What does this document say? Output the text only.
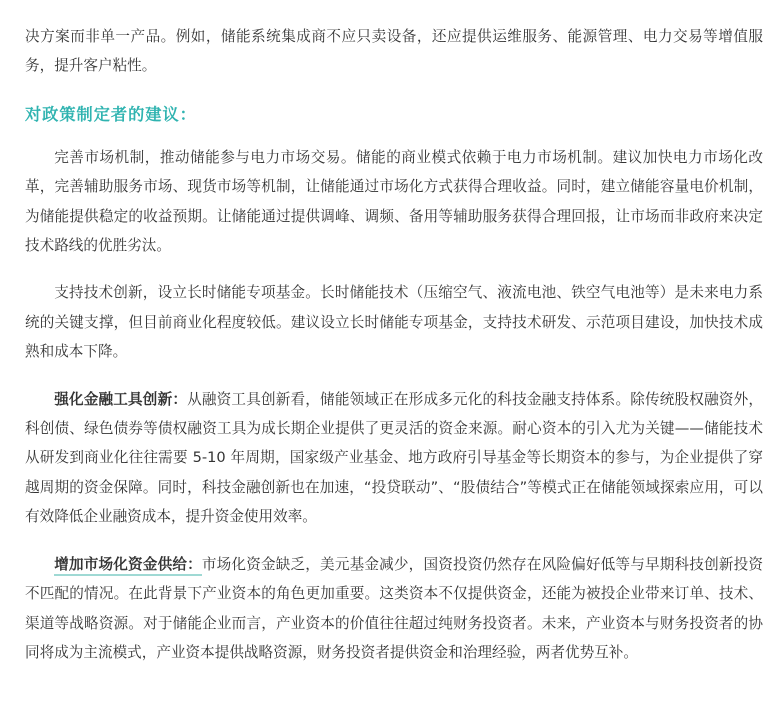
决方案而非单一产品。例如，储能系统集成商不应只卖设备，还应提供运维服务、能源管理、电力交易等增值服务，提升客户粘性。

对政策制定者的建议：

完善市场机制，推动储能参与电力市场交易。储能的商业模式依赖于电力市场机制。建议加快电力市场化改革，完善辅助服务市场、现货市场等机制，让储能通过市场化方式获得合理收益。同时，建立储能容量电价机制，为储能提供稳定的收益预期。让储能通过提供调峰、调频、备用等辅助服务获得合理回报，让市场而非政府来决定技术路线的优胜劣汰。

支持技术创新，设立长时储能专项基金。长时储能技术（压缩空气、液流电池、铁空气电池等）是未来电力系统的关键支撑，但目前商业化程度较低。建议设立长时储能专项基金，支持技术研发、示范项目建设，加快技术成熟和成本下降。

强化金融工具创新：从融资工具创新看，储能领域正在形成多元化的科技金融支持体系。除传统股权融资外，科创债、绿色债券等债权融资工具为成长期企业提供了更灵活的资金来源。耐心资本的引入尤为关键——储能技术从研发到商业化往往需要 5-10 年周期，国家级产业基金、地方政府引导基金等长期资本的参与，为企业提供了穿越周期的资金保障。同时，科技金融创新也在加速，“投贷联动”、“股债结合”等模式正在储能领域探索应用，可以有效降低企业融资成本，提升资金使用效率。

增加市场化资金供给：市场化资金缺乏，美元基金减少，国资投资仍然存在风险偏好低等与早期科技创新投资不匹配的情况。在此背景下产业资本的角色更加重要。这类资本不仅提供资金，还能为被投企业带来订单、技术、渠道等战略资源。对于储能企业而言，产业资本的价值往往超过纯财务投资者。未来，产业资本与财务投资者的协同将成为主流模式，产业资本提供战略资源，财务投资者提供资金和治理经验，两者优势互补。
